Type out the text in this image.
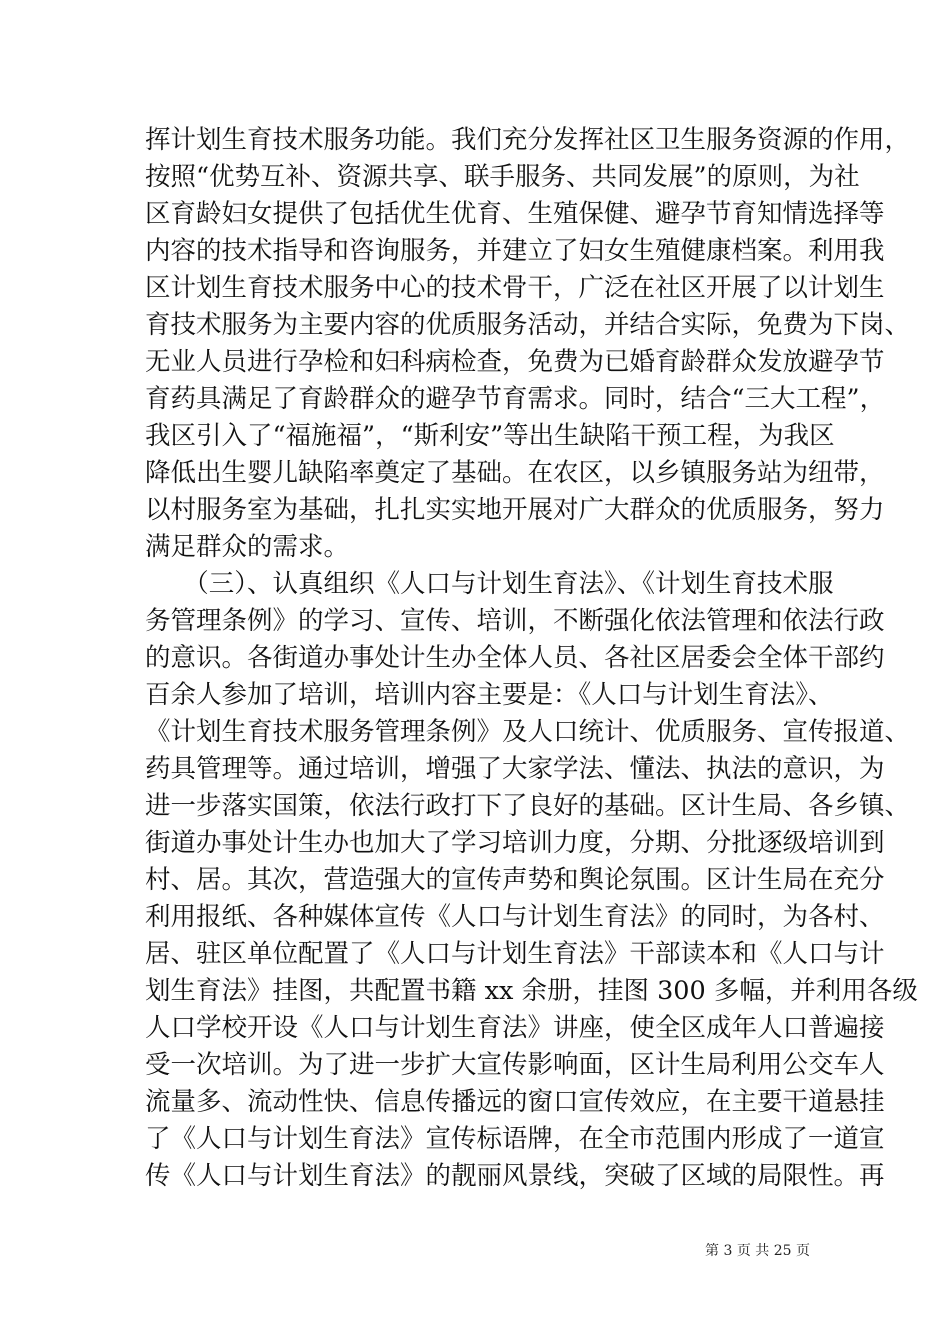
挥计划生育技术服务功能。我们充分发挥社区卫生服务资源的作用，
按照“优势互补、资源共享、联手服务、共同发展”的原则，为社
区育龄妇女提供了包括优生优育、生殖保健、避孕节育知情选择等
内容的技术指导和咨询服务，并建立了妇女生殖健康档案。利用我
区计划生育技术服务中心的技术骨干，广泛在社区开展了以计划生
育技术服务为主要内容的优质服务活动，并结合实际，免费为下岗、
无业人员进行孕检和妇科病检查，免费为已婚育龄群众发放避孕节
育药具满足了育龄群众的避孕节育需求。同时，结合“三大工程”，
我区引入了“福施福”，“斯利安”等出生缺陷干预工程，为我区
降低出生婴儿缺陷率奠定了基础。在农区，以乡镇服务站为纽带，
以村服务室为基础，扎扎实实地开展对广大群众的优质服务，努力
满足群众的需求。
　　（三）、认真组织《人口与计划生育法》、《计划生育技术服
务管理条例》的学习、宣传、培训，不断强化依法管理和依法行政
的意识。各街道办事处计生办全体人员、各社区居委会全体干部约
百余人参加了培训，培训内容主要是：《人口与计划生育法》、
《计划生育技术服务管理条例》及人口统计、优质服务、宣传报道、
药具管理等。通过培训，增强了大家学法、懂法、执法的意识，为
进一步落实国策，依法行政打下了良好的基础。区计生局、各乡镇、
街道办事处计生办也加大了学习培训力度，分期、分批逐级培训到
村、居。其次，营造强大的宣传声势和舆论氛围。区计生局在充分
利用报纸、各种媒体宣传《人口与计划生育法》的同时，为各村、
居、驻区单位配置了《人口与计划生育法》干部读本和《人口与计
划生育法》挂图，共配置书籍 xx 余册，挂图 300 多幅，并利用各级
人口学校开设《人口与计划生育法》讲座，使全区成年人口普遍接
受一次培训。为了进一步扩大宣传影响面，区计生局利用公交车人
流量多、流动性快、信息传播远的窗口宣传效应，在主要干道悬挂
了《人口与计划生育法》宣传标语牌，在全市范围内形成了一道宣
传《人口与计划生育法》的靓丽风景线，突破了区域的局限性。再
第 3 页 共 25 页
